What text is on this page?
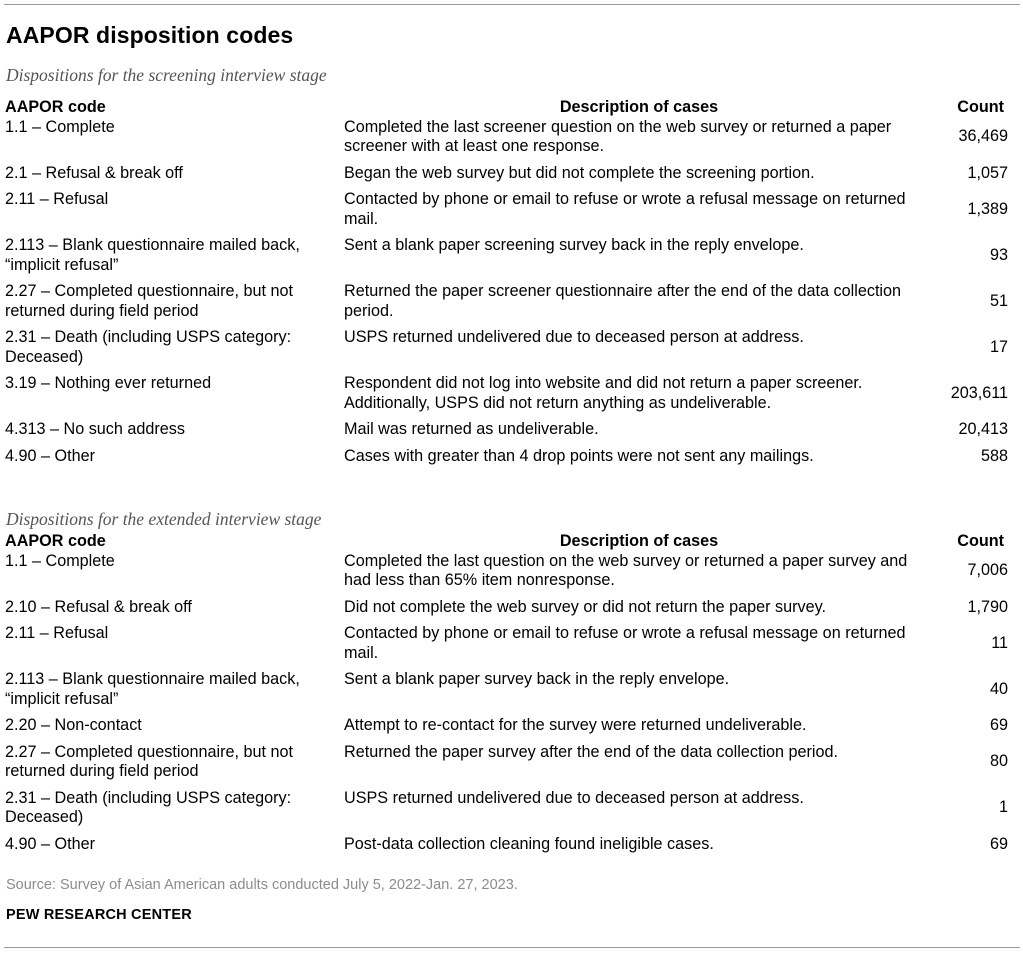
AAPOR disposition codes
Dispositions for the screening interview stage
AAPOR code	Description of cases	Count
1.1 – Complete	Completed the last screener question on the web survey or returned a paper screener with at least one response.	36,469
2.1 – Refusal & break off	Began the web survey but did not complete the screening portion.	1,057
2.11 – Refusal	Contacted by phone or email to refuse or wrote a refusal message on returned mail.	1,389
2.113 – Blank questionnaire mailed back, “implicit refusal”	Sent a blank paper screening survey back in the reply envelope.	93
2.27 – Completed questionnaire, but not returned during field period	Returned the paper screener questionnaire after the end of the data collection period.	51
2.31 – Death (including USPS category: Deceased)	USPS returned undelivered due to deceased person at address.	17
3.19 – Nothing ever returned	Respondent did not log into website and did not return a paper screener. Additionally, USPS did not return anything as undeliverable.	203,611
4.313 – No such address	Mail was returned as undeliverable.	20,413
4.90 – Other	Cases with greater than 4 drop points were not sent any mailings.	588
Dispositions for the extended interview stage
AAPOR code	Description of cases	Count
1.1 – Complete	Completed the last question on the web survey or returned a paper survey and had less than 65% item nonresponse.	7,006
2.10 – Refusal & break off	Did not complete the web survey or did not return the paper survey.	1,790
2.11 – Refusal	Contacted by phone or email to refuse or wrote a refusal message on returned mail.	11
2.113 – Blank questionnaire mailed back, “implicit refusal”	Sent a blank paper survey back in the reply envelope.	40
2.20 – Non-contact	Attempt to re-contact for the survey were returned undeliverable.	69
2.27 – Completed questionnaire, but not returned during field period	Returned the paper survey after the end of the data collection period.	80
2.31 – Death (including USPS category: Deceased)	USPS returned undelivered due to deceased person at address.	1
4.90 – Other	Post-data collection cleaning found ineligible cases.	69
Source: Survey of Asian American adults conducted July 5, 2022-Jan. 27, 2023.
PEW RESEARCH CENTER
